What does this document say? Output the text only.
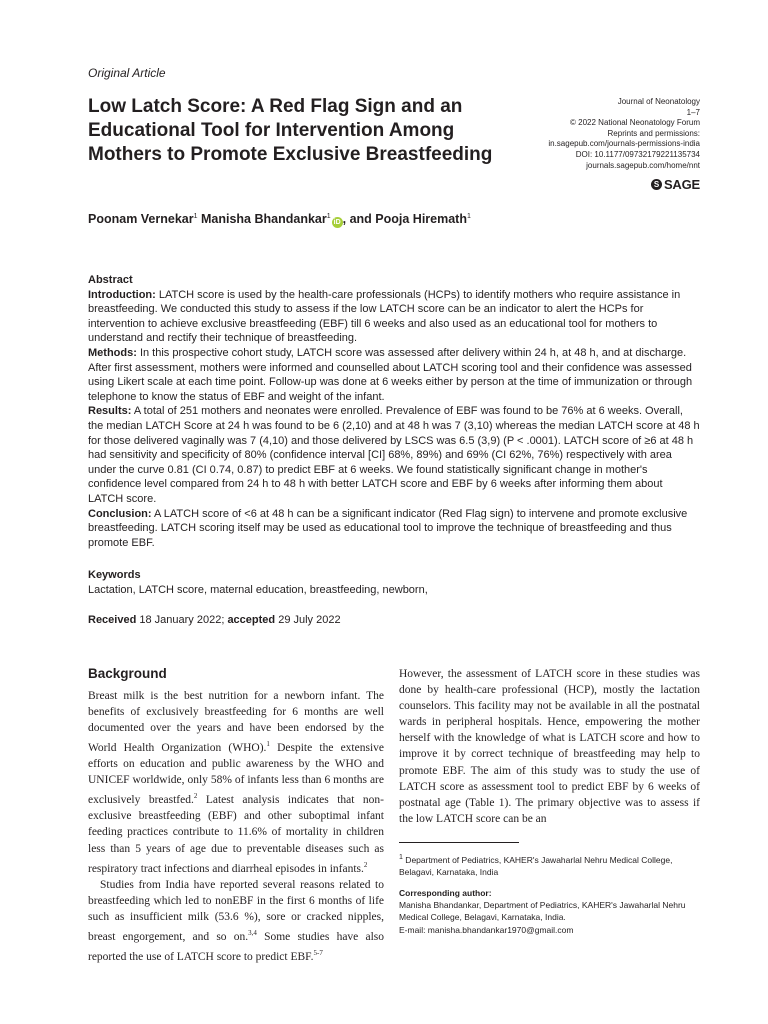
Original Article
Low Latch Score: A Red Flag Sign and an Educational Tool for Intervention Among Mothers to Promote Exclusive Breastfeeding
Journal of Neonatology
1–7
© 2022 National Neonatology Forum
Reprints and permissions:
in.sagepub.com/journals-permissions-india
DOI: 10.1177/09732179221135734
journals.sagepub.com/home/nnt
S SAGE
Poonam Vernekar$^1$ Manisha Bhandankar$^1$iD , and Pooja Hiremath$^1$

Abstract

Introduction: LATCH score is used by the health-care professionals (HCPs) to identify mothers who require assistance in breastfeeding. We conducted this study to assess if the low LATCH score can be an indicator to alert the HCPs for intervention to achieve exclusive breastfeeding (EBF) till 6 weeks and also used as an educational tool for mothers to understand and rectify their technique of breastfeeding.

Methods: In this prospective cohort study, LATCH score was assessed after delivery within 24 h, at 48 h, and at discharge. After first assessment, mothers were informed and counselled about LATCH scoring tool and their confidence was assessed using Likert scale at each time point. Follow-up was done at 6 weeks either by person at the time of immunization or through telephone to know the status of EBF and weight of the infant.

Results: A total of 251 mothers and neonates were enrolled. Prevalence of EBF was found to be 76% at 6 weeks. Overall, the median LATCH Score at 24 h was found to be 6 (2,10) and at 48 h was 7 (3,10) whereas the median LATCH score at 48 h for those delivered vaginally was 7 (4,10) and those delivered by LSCS was 6.5 (3,9) (P < .0001). LATCH score of ≥6 at 48 h had sensitivity and specificity of 80% (confidence interval [CI] 68%, 89%) and 69% (CI 62%, 76%) respectively with area under the curve 0.81 (CI 0.74, 0.87) to predict EBF at 6 weeks. We found statistically significant change in mother's confidence level compared from 24 h to 48 h with better LATCH score and EBF by 6 weeks after informing them about LATCH score.

Conclusion: A LATCH score of <6 at 48 h can be a significant indicator (Red Flag sign) to intervene and promote exclusive breastfeeding. LATCH scoring itself may be used as educational tool to improve the technique of breastfeeding and thus promote EBF.

Keywords
Lactation, LATCH score, maternal education, breastfeeding, newborn,
Received 18 January 2022; accepted 29 July 2022
Background

Breast milk is the best nutrition for a newborn infant. The benefits of exclusively breastfeeding for 6 months are well documented over the years and have been endorsed by the World Health Organization (WHO).$^1$ Despite the extensive efforts on education and public awareness by the WHO and UNICEF worldwide, only 58% of infants less than 6 months are exclusively breastfed.$^2$ Latest analysis indicates that non-exclusive breastfeeding (EBF) and other suboptimal infant feeding practices contribute to 11.6% of mortality in children less than 5 years of age due to preventable diseases such as respiratory tract infections and diarrheal episodes in infants.$^2$

Studies from India have reported several reasons related to breastfeeding which led to nonEBF in the first 6 months of life such as insufficient milk (53.6 %), sore or cracked nipples, breast engorgement, and so on.$^{3,4}$ Some studies have also reported the use of LATCH score to predict EBF.$^{5-7}$

However, the assessment of LATCH score in these studies was done by health-care professional (HCP), mostly the lactation counselors. This facility may not be available in all the postnatal wards in peripheral hospitals. Hence, empowering the mother herself with the knowledge of what is LATCH score and how to improve it by correct technique of breastfeeding may help to promote EBF. The aim of this study was to study the use of LATCH score as assessment tool to predict EBF by 6 weeks of postnatal age (Table 1). The primary objective was to assess if the low LATCH score can be an

$^1$ Department of Pediatrics, KAHER's Jawaharlal Nehru Medical College, Belagavi, Karnataka, India

Corresponding author:

Manisha Bhandankar, Department of Pediatrics, KAHER's Jawaharlal Nehru Medical College, Belagavi, Karnataka, India.

E-mail: manisha.bhandankar1970@gmail.com
